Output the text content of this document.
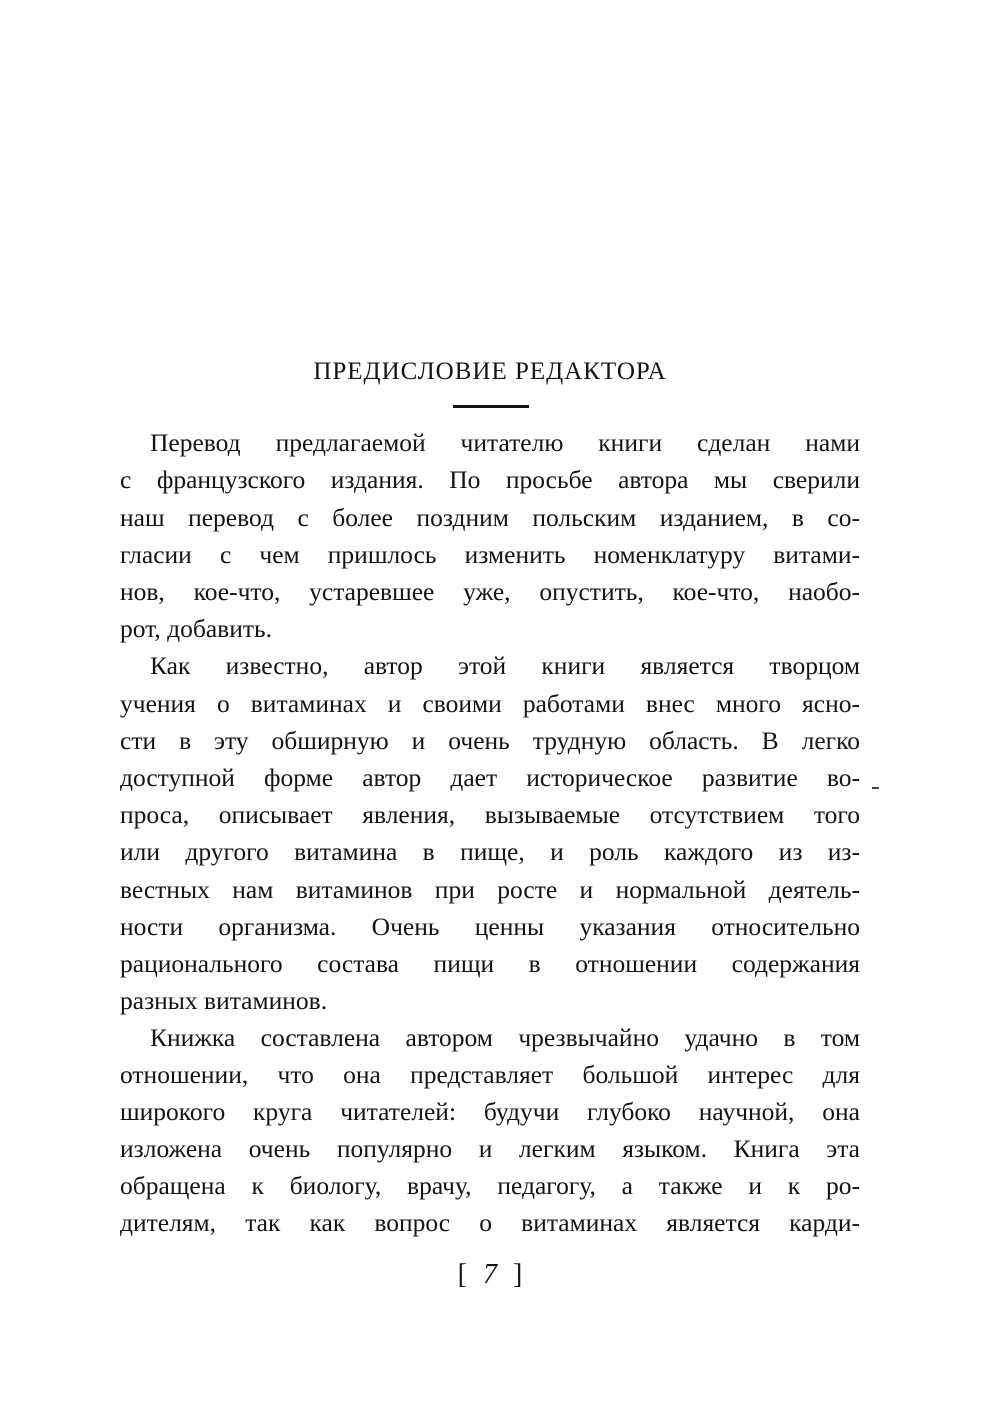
ПРЕДИСЛОВИЕ РЕДАКТОРА
Перевод предлагаемой читателю книги сделан нами
с французского издания. По просьбе автора мы сверили
наш перевод с более поздним польским изданием, в со-
гласии с чем пришлось изменить номенклатуру витами-
нов, кое-что, устаревшее уже, опустить, кое-что, наобо-
рот, добавить.
Как известно, автор этой книги является творцом
учения о витаминах и своими работами внес много ясно-
сти в эту обширную и очень трудную область. В легко
доступной форме автор дает историческое развитие во-
проса, описывает явления, вызываемые отсутствием того
или другого витамина в пище, и роль каждого из из-
вестных нам витаминов при росте и нормальной деятель-
ности организма. Очень ценны указания относительно
рационального состава пищи в отношении содержания
разных витаминов.
Книжка составлена автором чрезвычайно удачно в том
отношении, что она представляет большой интерес для
широкого круга читателей: будучи глубоко научной, она
изложена очень популярно и легким языком. Книга эта
обращена к биологу, врачу, педагогу, а также и к ро-
дителям, так как вопрос о витаминах является карди-
[ 7 ]
